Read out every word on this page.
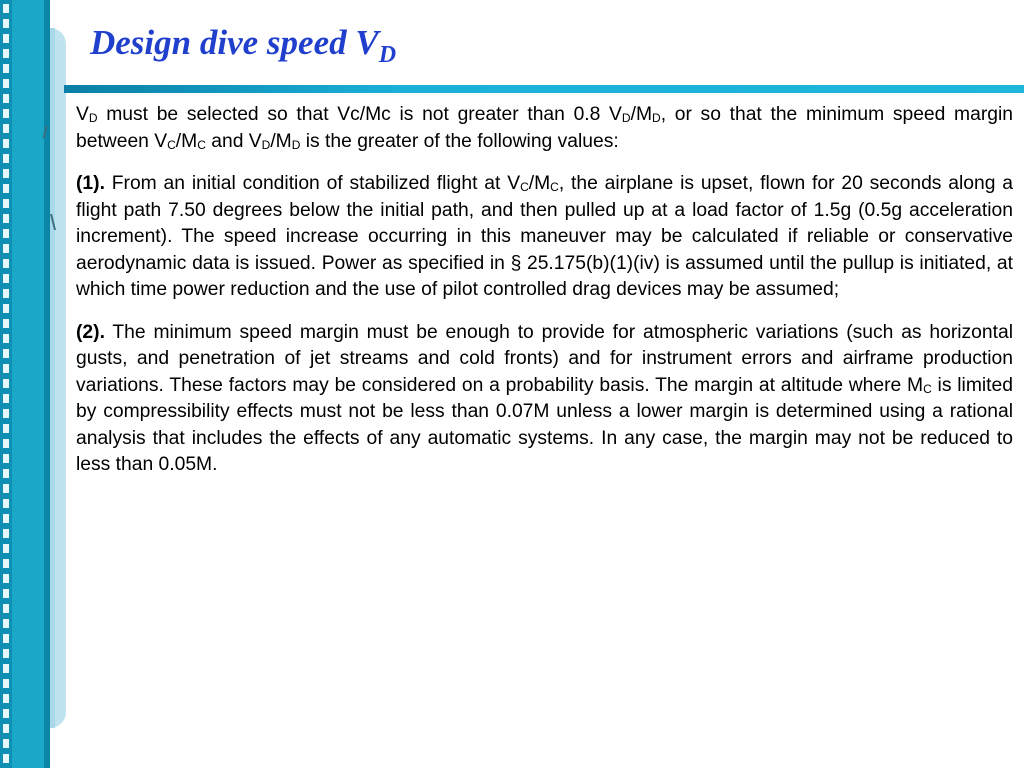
Design dive speed $V_D$

$V_D$ must be selected so that Vc/Mc is not greater than 0.8 $V_D/M_D$, or so that the minimum speed margin between $V_C/M_C$ and $V_D/M_D$ is the greater of the following values:

(1). From an initial condition of stabilized flight at $V_C/M_C$, the airplane is upset, flown for 20 seconds along a flight path 7.50 degrees below the initial path, and then pulled up at a load factor of 1.5g (0.5g acceleration increment). The speed increase occurring in this maneuver may be calculated if reliable or conservative aerodynamic data is issued. Power as specified in § 25.175(b)(1)(iv) is assumed until the pullup is initiated, at which time power reduction and the use of pilot controlled drag devices may be assumed;

(2). The minimum speed margin must be enough to provide for atmospheric variations (such as horizontal gusts, and penetration of jet streams and cold fronts) and for instrument errors and airframe production variations. These factors may be considered on a probability basis. The margin at altitude where $M_C$ is limited by compressibility effects must not be less than 0.07M unless a lower margin is determined using a rational analysis that includes the effects of any automatic systems. In any case, the margin may not be reduced to less than 0.05M.
